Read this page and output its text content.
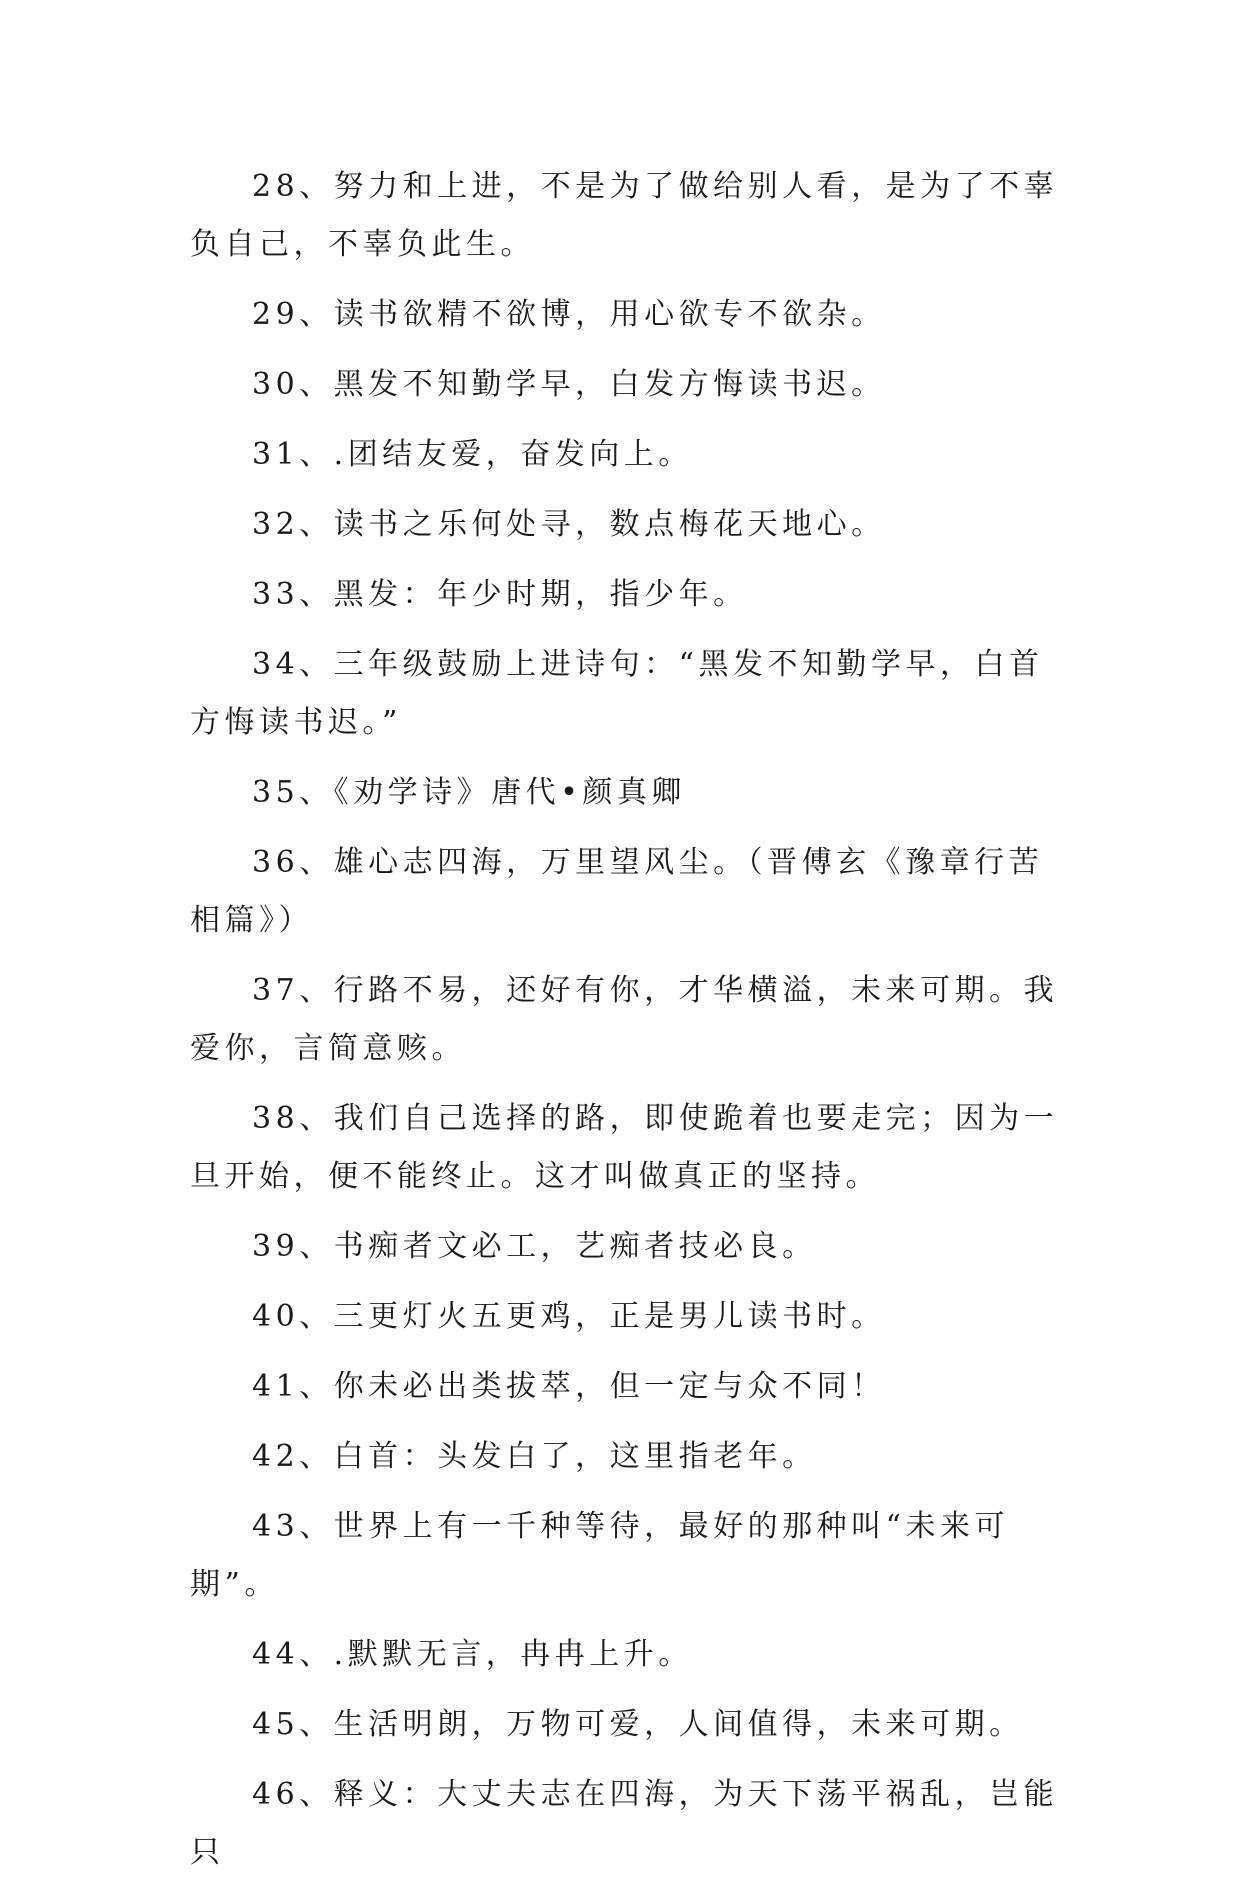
28、努力和上进，不是为了做给别人看，是为了不辜负自己，不辜负此生。

29、读书欲精不欲博，用心欲专不欲杂。

30、黑发不知勤学早，白发方悔读书迟。

31、.团结友爱，奋发向上。

32、读书之乐何处寻，数点梅花天地心。

33、黑发：年少时期，指少年。

34、三年级鼓励上进诗句：“黑发不知勤学早，白首方悔读书迟。”

35、《劝学诗》唐代•颜真卿

36、雄心志四海，万里望风尘。（晋傅玄《豫章行苦相篇》）

37、行路不易，还好有你，才华横溢，未来可期。我爱你，言简意赅。

38、我们自己选择的路，即使跪着也要走完；因为一旦开始，便不能终止。这才叫做真正的坚持。

39、书痴者文必工，艺痴者技必良。

40、三更灯火五更鸡，正是男儿读书时。

41、你未必出类拔萃，但一定与众不同！

42、白首：头发白了，这里指老年。

43、世界上有一千种等待，最好的那种叫“未来可期”。

44、.默默无言，冉冉上升。

45、生活明朗，万物可爱，人间值得，未来可期。

46、释义：大丈夫志在四海，为天下荡平祸乱，岂能只
